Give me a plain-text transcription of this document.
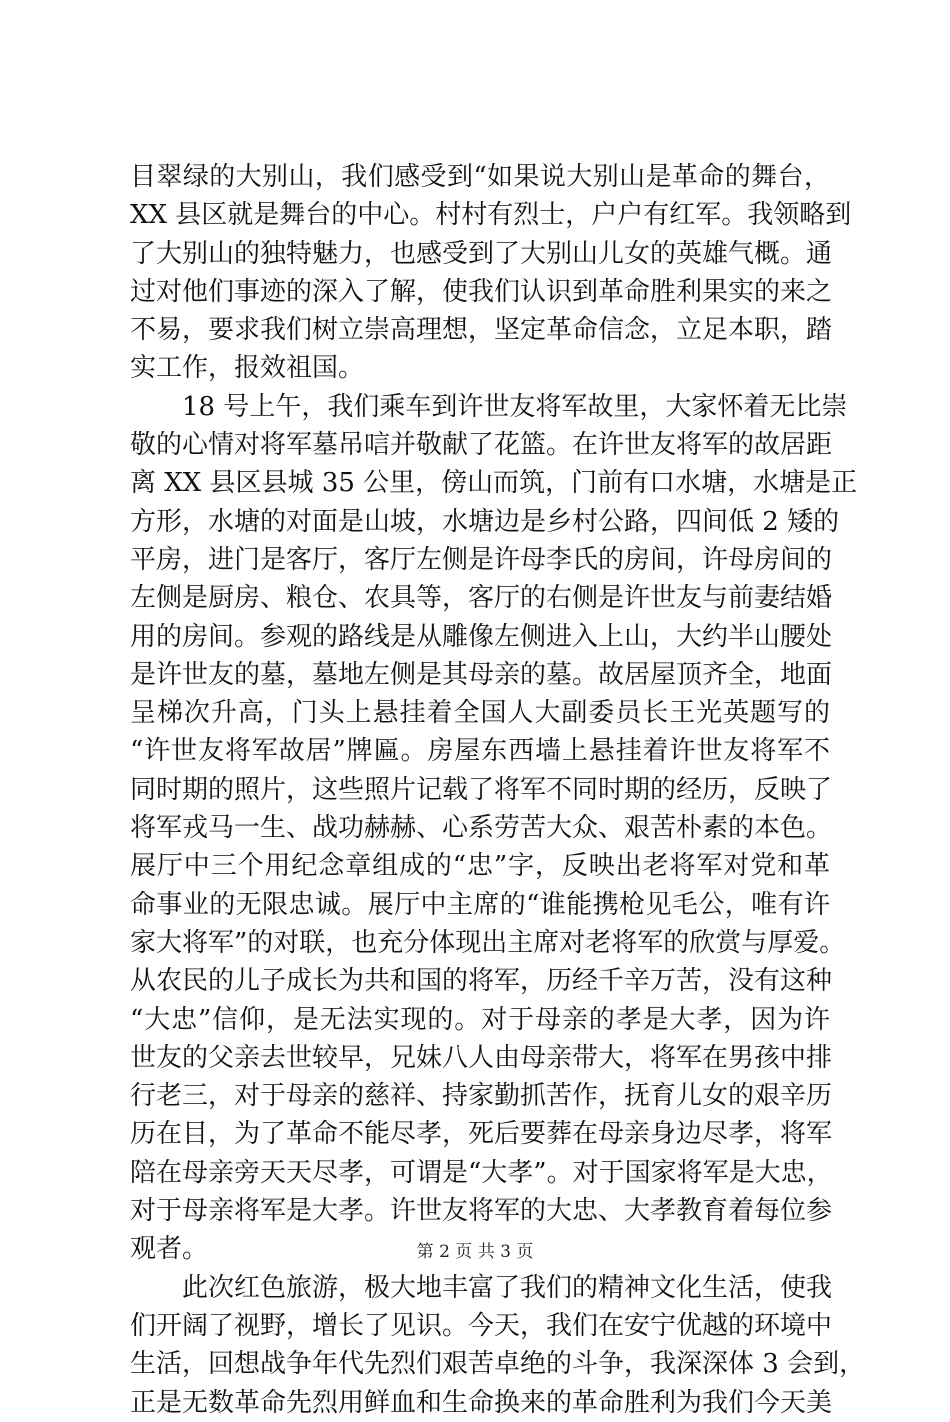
目翠绿的大别山，我们感受到“如果说大别山是革命的舞台，
XX 县区就是舞台的中心。村村有烈士，户户有红军。我领略到
了大别山的独特魅力，也感受到了大别山儿女的英雄气概。通
过对他们事迹的深入了解，使我们认识到革命胜利果实的来之
不易，要求我们树立崇高理想，坚定革命信念，立足本职，踏
实工作，报效祖国。
18 号上午，我们乘车到许世友将军故里，大家怀着无比崇
敬的心情对将军墓吊唁并敬献了花篮。在许世友将军的故居距
离 XX 县区县城 35 公里，傍山而筑，门前有口水塘，水塘是正
方形，水塘的对面是山坡，水塘边是乡村公路，四间低 2 矮的
平房，进门是客厅，客厅左侧是许母李氏的房间，许母房间的
左侧是厨房、粮仓、农具等，客厅的右侧是许世友与前妻结婚
用的房间。参观的路线是从雕像左侧进入上山，大约半山腰处
是许世友的墓，墓地左侧是其母亲的墓。故居屋顶齐全，地面
呈梯次升高，门头上悬挂着全国人大副委员长王光英题写的
“许世友将军故居”牌匾。房屋东西墙上悬挂着许世友将军不
同时期的照片，这些照片记载了将军不同时期的经历，反映了
将军戎马一生、战功赫赫、心系劳苦大众、艰苦朴素的本色。
展厅中三个用纪念章组成的“忠”字，反映出老将军对党和革
命事业的无限忠诚。展厅中主席的“谁能携枪见毛公，唯有许
家大将军”的对联，也充分体现出主席对老将军的欣赏与厚爱。
从农民的儿子成长为共和国的将军，历经千辛万苦，没有这种
“大忠”信仰，是无法实现的。对于母亲的孝是大孝，因为许
世友的父亲去世较早，兄妹八人由母亲带大，将军在男孩中排
行老三，对于母亲的慈祥、持家勤抓苦作，抚育儿女的艰辛历
历在目，为了革命不能尽孝，死后要葬在母亲身边尽孝，将军
陪在母亲旁天天尽孝，可谓是“大孝”。对于国家将军是大忠，
对于母亲将军是大孝。许世友将军的大忠、大孝教育着每位参
观者。
此次红色旅游，极大地丰富了我们的精神文化生活，使我
们开阔了视野，增长了见识。今天，我们在安宁优越的环境中
生活，回想战争年代先烈们艰苦卓绝的斗争，我深深体 3 会到，
正是无数革命先烈用鲜血和生命换来的革命胜利为我们今天美
第 2 页 共 3 页
